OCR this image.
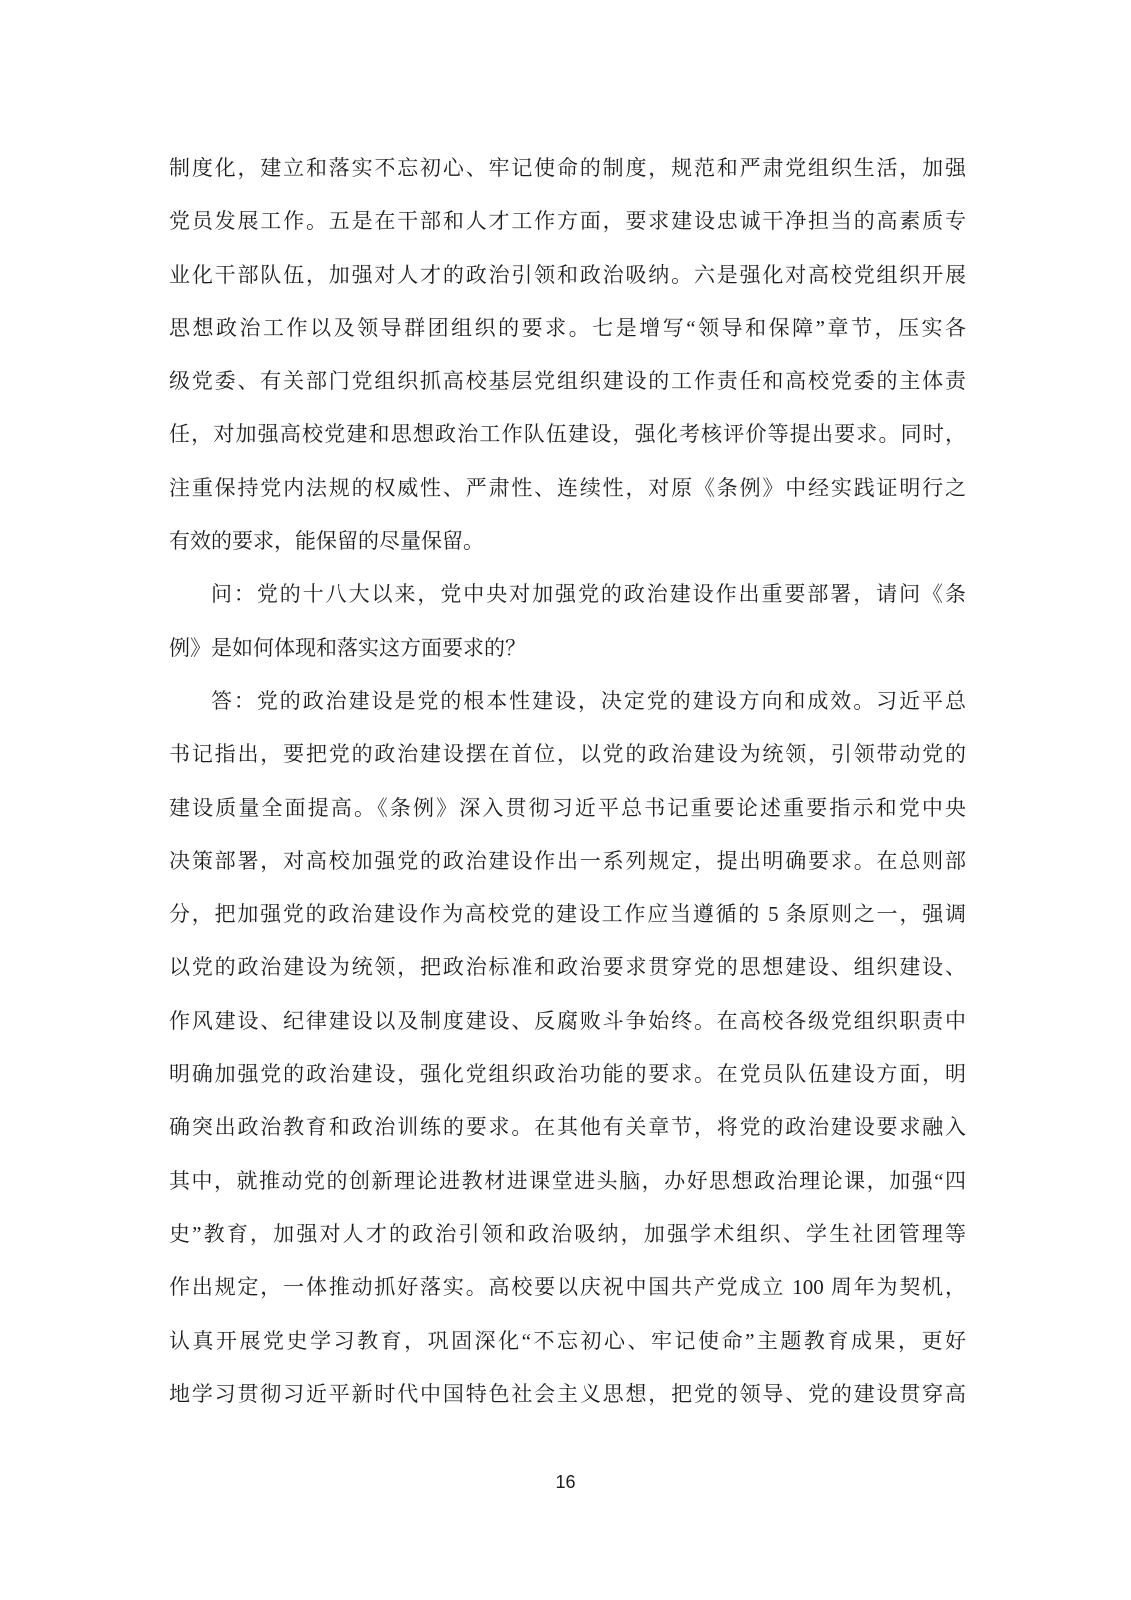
制度化，建立和落实不忘初心、牢记使命的制度，规范和严肃党组织生活，加强
党员发展工作。五是在干部和人才工作方面，要求建设忠诚干净担当的高素质专
业化干部队伍，加强对人才的政治引领和政治吸纳。六是强化对高校党组织开展
思想政治工作以及领导群团组织的要求。七是增写“领导和保障”章节，压实各
级党委、有关部门党组织抓高校基层党组织建设的工作责任和高校党委的主体责
任，对加强高校党建和思想政治工作队伍建设，强化考核评价等提出要求。同时，
注重保持党内法规的权威性、严肃性、连续性，对原《条例》中经实践证明行之
有效的要求，能保留的尽量保留。
问：党的十八大以来，党中央对加强党的政治建设作出重要部署，请问《条
例》是如何体现和落实这方面要求的？
答：党的政治建设是党的根本性建设，决定党的建设方向和成效。习近平总
书记指出，要把党的政治建设摆在首位，以党的政治建设为统领，引领带动党的
建设质量全面提高。《条例》深入贯彻习近平总书记重要论述重要指示和党中央
决策部署，对高校加强党的政治建设作出一系列规定，提出明确要求。在总则部
分，把加强党的政治建设作为高校党的建设工作应当遵循的 5 条原则之一，强调
以党的政治建设为统领，把政治标准和政治要求贯穿党的思想建设、组织建设、
作风建设、纪律建设以及制度建设、反腐败斗争始终。在高校各级党组织职责中
明确加强党的政治建设，强化党组织政治功能的要求。在党员队伍建设方面，明
确突出政治教育和政治训练的要求。在其他有关章节，将党的政治建设要求融入
其中，就推动党的创新理论进教材进课堂进头脑，办好思想政治理论课，加强“四
史”教育，加强对人才的政治引领和政治吸纳，加强学术组织、学生社团管理等
作出规定，一体推动抓好落实。高校要以庆祝中国共产党成立 100 周年为契机，
认真开展党史学习教育，巩固深化“不忘初心、牢记使命”主题教育成果，更好
地学习贯彻习近平新时代中国特色社会主义思想，把党的领导、党的建设贯穿高
16
